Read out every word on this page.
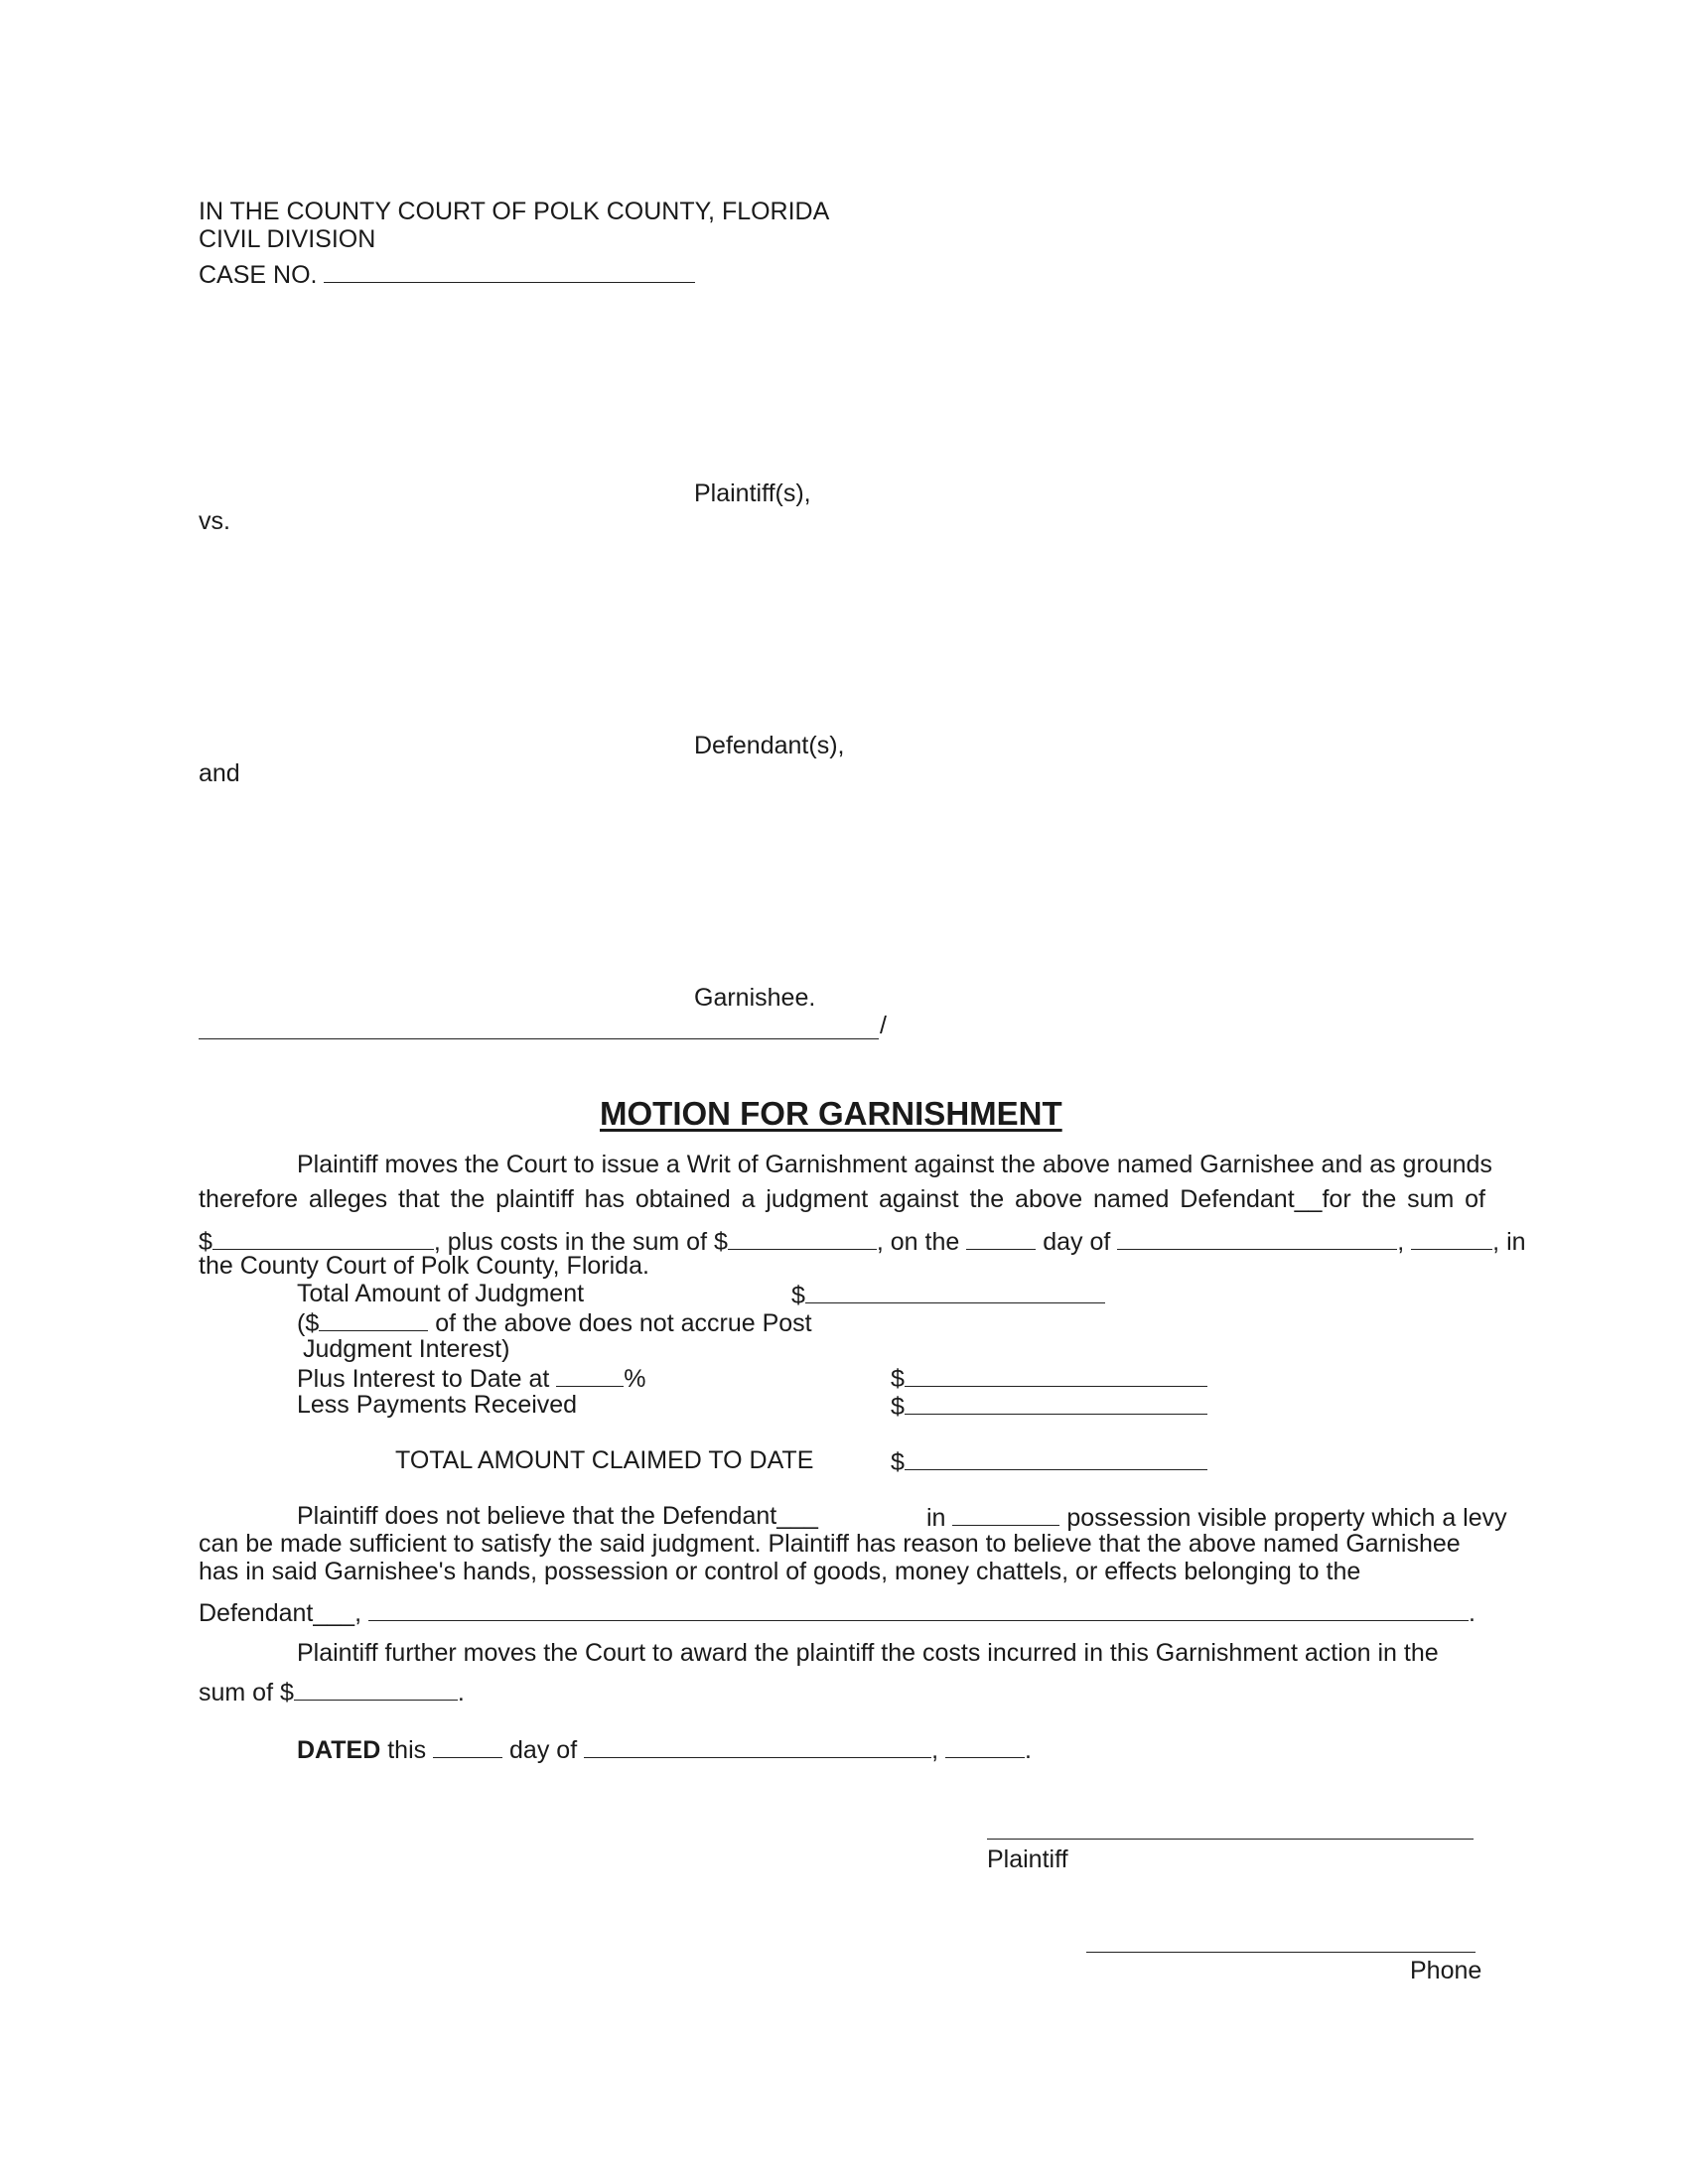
IN THE COUNTY COURT OF POLK COUNTY, FLORIDA
CIVIL DIVISION
CASE NO.
Plaintiff(s),
vs.
Defendant(s),
and
Garnishee.
/
MOTION FOR GARNISHMENT
Plaintiff moves the Court to issue a Writ of Garnishment against the above named Garnishee and as grounds
therefore alleges that the plaintiff has obtained a judgment against the above named Defendant__for the sum of
$	, plus costs in the sum of $	, on the	day of	,	, in
the County Court of Polk County, Florida.
Total Amount of Judgment	$
($	of the above does not accrue Post
Judgment Interest)
Plus Interest to Date at	%	$
Less Payments Received	$
TOTAL AMOUNT CLAIMED TO DATE	$
Plaintiff does not believe that the Defendant___	in	possession visible property which a levy
can be made sufficient to satisfy the said judgment. Plaintiff has reason to believe that the above named Garnishee
has in said Garnishee's hands, possession or control of goods, money chattels, or effects belonging to the
Defendant___,	.
Plaintiff further moves the Court to award the plaintiff the costs incurred in this Garnishment action in the
sum of $	.
DATED this	day of	,	.
Plaintiff
Phone
